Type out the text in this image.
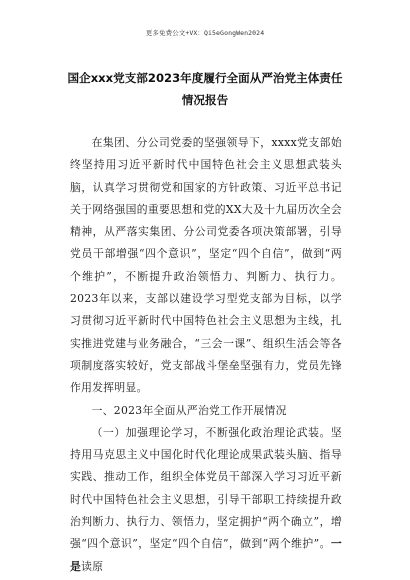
更多免费公文+VX：Qi5eGongWen2024
国企xxx党支部2023年度履行全面从严治党主体责任情况报告

在集团、分公司党委的坚强领导下，xxxx党支部始终坚持用习近平新时代中国特色社会主义思想武装头脑，认真学习贯彻党和国家的方针政策、习近平总书记关于网络强国的重要思想和党的XX大及十九届历次全会精神，从严落实集团、分公司党委各项决策部署，引导党员干部增强“四个意识”，坚定“四个自信”，做到“两个维护”，不断提升政治领悟力、判断力、执行力。2023年以来，支部以建设学习型党支部为目标，以学习贯彻习近平新时代中国特色社会主义思想为主线，扎实推进党建与业务融合，“三会一课”、组织生活会等各项制度落实较好，党支部战斗堡垒坚强有力，党员先锋作用发挥明显。

一、2023年全面从严治党工作开展情况

（一）加强理论学习，不断强化政治理论武装。坚持用马克思主义中国化时代化理论成果武装头脑、指导实践、推动工作，组织全体党员干部深入学习习近平新时代中国特色社会主义思想，引导干部职工持续提升政治判断力、执行力、领悟力，坚定拥护“两个确立”，增强“四个意识”，坚定“四个自信”，做到“两个维护”。一是读原
